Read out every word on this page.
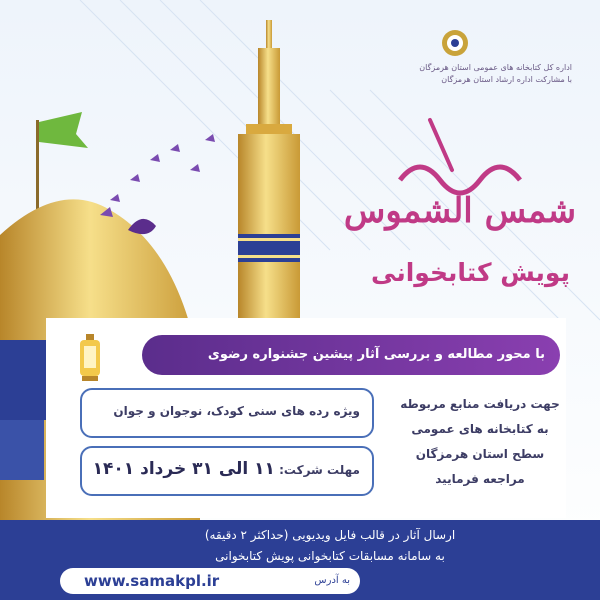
اداره کل کتابخانه های عمومی استان هرمزگان
با مشارکت اداره ارشاد استان هرمزگان
شمس الشموس
پویش کتابخوانی
با محور مطالعه و بررسی آثار پیشین جشنواره رضوی
ویژه رده های سنی کودک، نوجوان و جوان
مهلت شرکت: ۱۱ الی ۳۱ خرداد ۱۴۰۱
جهت دریافت منابع مربوطه
به کتابخانه های عمومی
سطح استان هرمزگان
مراجعه فرمایید
ارسال آثار در قالب فایل ویدیویی (حداکثر ۲ دقیقه)
به سامانه مسابقات کتابخوانی پویش کتابخوانی
www.samakpl.ir	به آدرس
